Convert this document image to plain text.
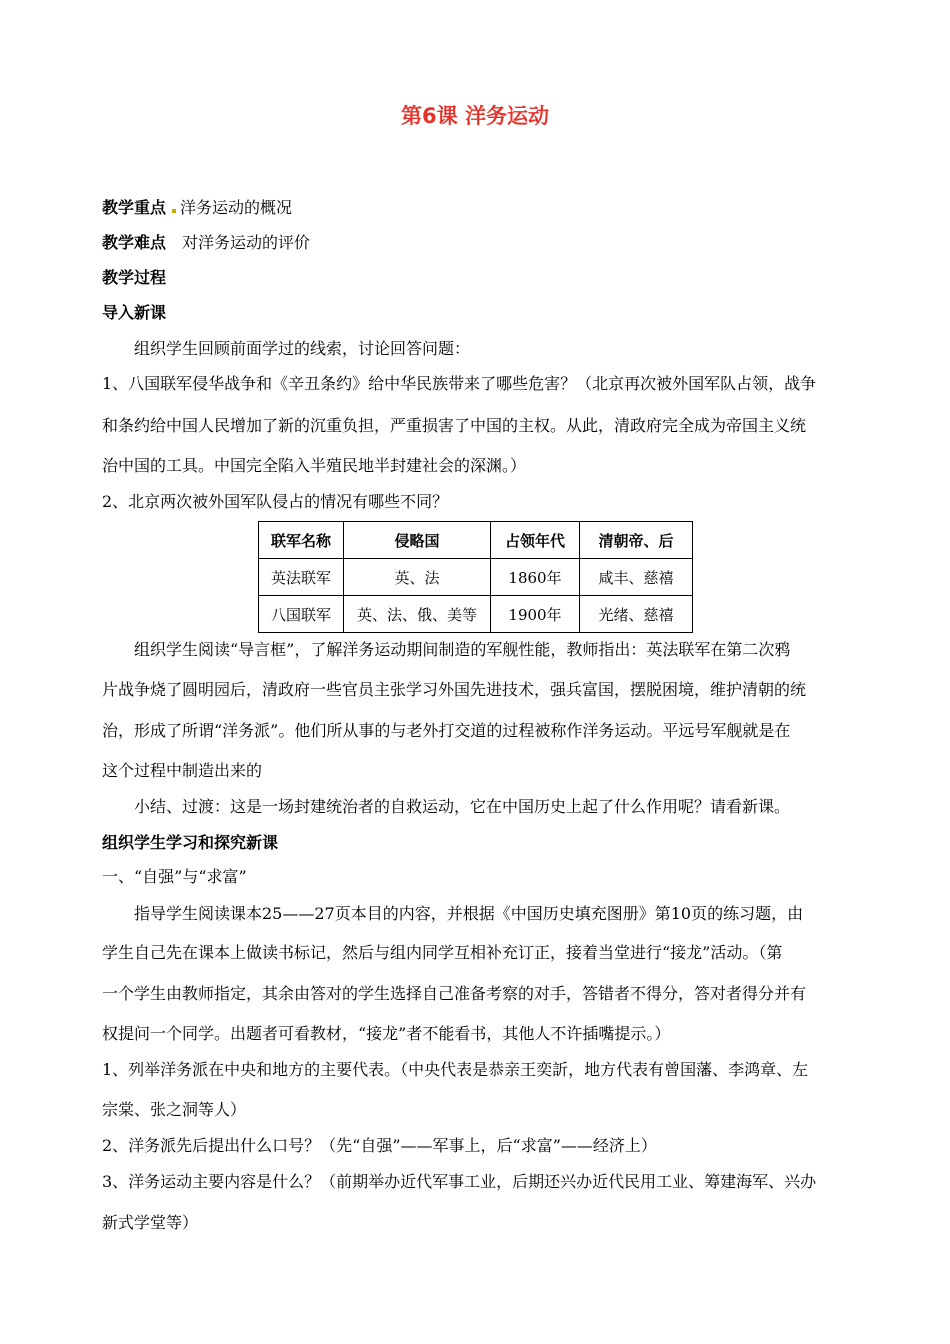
第6课 洋务运动
教学重点 洋务运动的概况
教学难点 对洋务运动的评价
教学过程
导入新课
组织学生回顾前面学过的线索，讨论回答问题：
1、八国联军侵华战争和《辛丑条约》给中华民族带来了哪些危害？（北京再次被外国军队占领，战争
和条约给中国人民增加了新的沉重负担，严重损害了中国的主权。从此，清政府完全成为帝国主义统
治中国的工具。中国完全陷入半殖民地半封建社会的深渊。）
2、北京两次被外国军队侵占的情况有哪些不同？
联军名称	侵略国	占领年代	清朝帝、后
英法联军	英、法	1860年	咸丰、慈禧
八国联军	英、法、俄、美等	1900年	光绪、慈禧
组织学生阅读“导言框”，了解洋务运动期间制造的军舰性能，教师指出：英法联军在第二次鸦
片战争烧了圆明园后，清政府一些官员主张学习外国先进技术，强兵富国，摆脱困境，维护清朝的统
治，形成了所谓“洋务派”。他们所从事的与老外打交道的过程被称作洋务运动。平远号军舰就是在
这个过程中制造出来的
小结、过渡：这是一场封建统治者的自救运动，它在中国历史上起了什么作用呢？请看新课。
组织学生学习和探究新课
一、“自强”与“求富”
指导学生阅读课本25——27页本目的内容，并根据《中国历史填充图册》第10页的练习题，由
学生自己先在课本上做读书标记，然后与组内同学互相补充订正，接着当堂进行“接龙”活动。（第
一个学生由教师指定，其余由答对的学生选择自己准备考察的对手，答错者不得分，答对者得分并有
权提问一个同学。出题者可看教材，“接龙”者不能看书，其他人不许插嘴提示。）
1、列举洋务派在中央和地方的主要代表。（中央代表是恭亲王奕訢，地方代表有曾国藩、李鸿章、左
宗棠、张之洞等人）
2、洋务派先后提出什么口号？（先“自强”——军事上，后“求富”——经济上）
3、洋务运动主要内容是什么？（前期举办近代军事工业，后期还兴办近代民用工业、筹建海军、兴办
新式学堂等）
